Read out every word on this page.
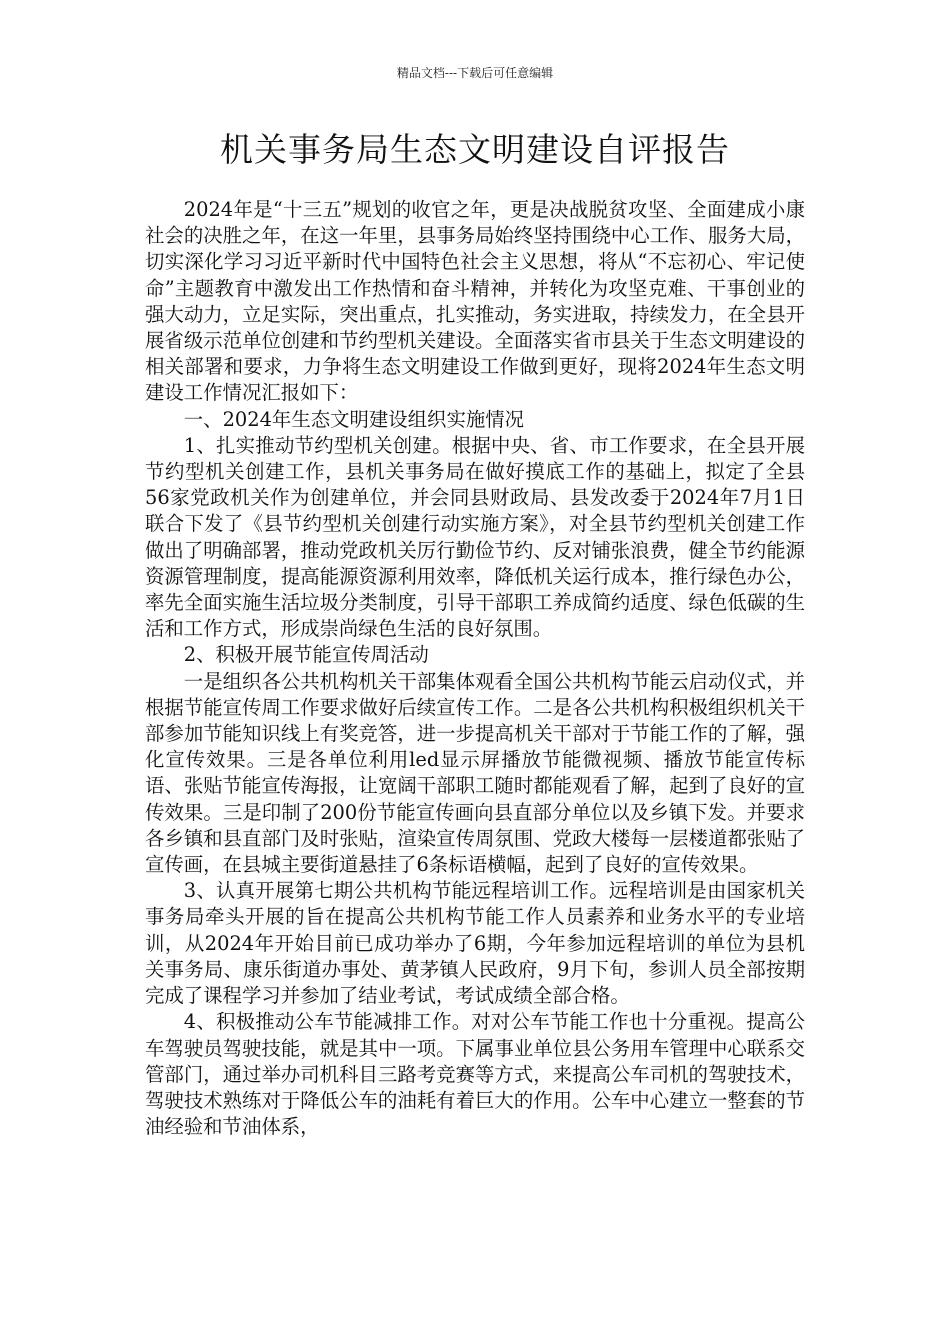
精品文档---下载后可任意编辑
机关事务局生态文明建设自评报告

2024年是“十三五”规划的收官之年，更是决战脱贫攻坚、全面建成小康社会的决胜之年，在这一年里，县事务局始终坚持围绕中心工作、服务大局，切实深化学习习近平新时代中国特色社会主义思想，将从“不忘初心、牢记使命”主题教育中激发出工作热情和奋斗精神，并转化为攻坚克难、干事创业的强大动力，立足实际，突出重点，扎实推动，务实进取，持续发力，在全县开展省级示范单位创建和节约型机关建设。全面落实省市县关于生态文明建设的相关部署和要求，力争将生态文明建设工作做到更好，现将2024年生态文明建设工作情况汇报如下：

一、2024年生态文明建设组织实施情况

1、扎实推动节约型机关创建。根据中央、省、市工作要求，在全县开展节约型机关创建工作，县机关事务局在做好摸底工作的基础上，拟定了全县56家党政机关作为创建单位，并会同县财政局、县发改委于2024年7月1日联合下发了《县节约型机关创建行动实施方案》，对全县节约型机关创建工作做出了明确部署，推动党政机关厉行勤俭节约、反对铺张浪费，健全节约能源资源管理制度，提高能源资源利用效率，降低机关运行成本，推行绿色办公，率先全面实施生活垃圾分类制度，引导干部职工养成简约适度、绿色低碳的生活和工作方式，形成崇尚绿色生活的良好氛围。

2、积极开展节能宣传周活动

一是组织各公共机构机关干部集体观看全国公共机构节能云启动仪式，并根据节能宣传周工作要求做好后续宣传工作。二是各公共机构积极组织机关干部参加节能知识线上有奖竞答，进一步提高机关干部对于节能工作的了解，强化宣传效果。三是各单位利用led显示屏播放节能微视频、播放节能宣传标语、张贴节能宣传海报，让宽阔干部职工随时都能观看了解，起到了良好的宣传效果。三是印制了200份节能宣传画向县直部分单位以及乡镇下发。并要求各乡镇和县直部门及时张贴，渲染宣传周氛围、党政大楼每一层楼道都张贴了宣传画，在县城主要街道悬挂了6条标语横幅，起到了良好的宣传效果。

3、认真开展第七期公共机构节能远程培训工作。远程培训是由国家机关事务局牵头开展的旨在提高公共机构节能工作人员素养和业务水平的专业培训，从2024年开始目前已成功举办了6期，今年参加远程培训的单位为县机关事务局、康乐街道办事处、黄茅镇人民政府，9月下旬，参训人员全部按期完成了课程学习并参加了结业考试，考试成绩全部合格。

4、积极推动公车节能减排工作。对对公车节能工作也十分重视。提高公车驾驶员驾驶技能，就是其中一项。下属事业单位县公务用车管理中心联系交管部门，通过举办司机科目三路考竞赛等方式，来提高公车司机的驾驶技术，驾驶技术熟练对于降低公车的油耗有着巨大的作用。公车中心建立一整套的节油经验和节油体系，
